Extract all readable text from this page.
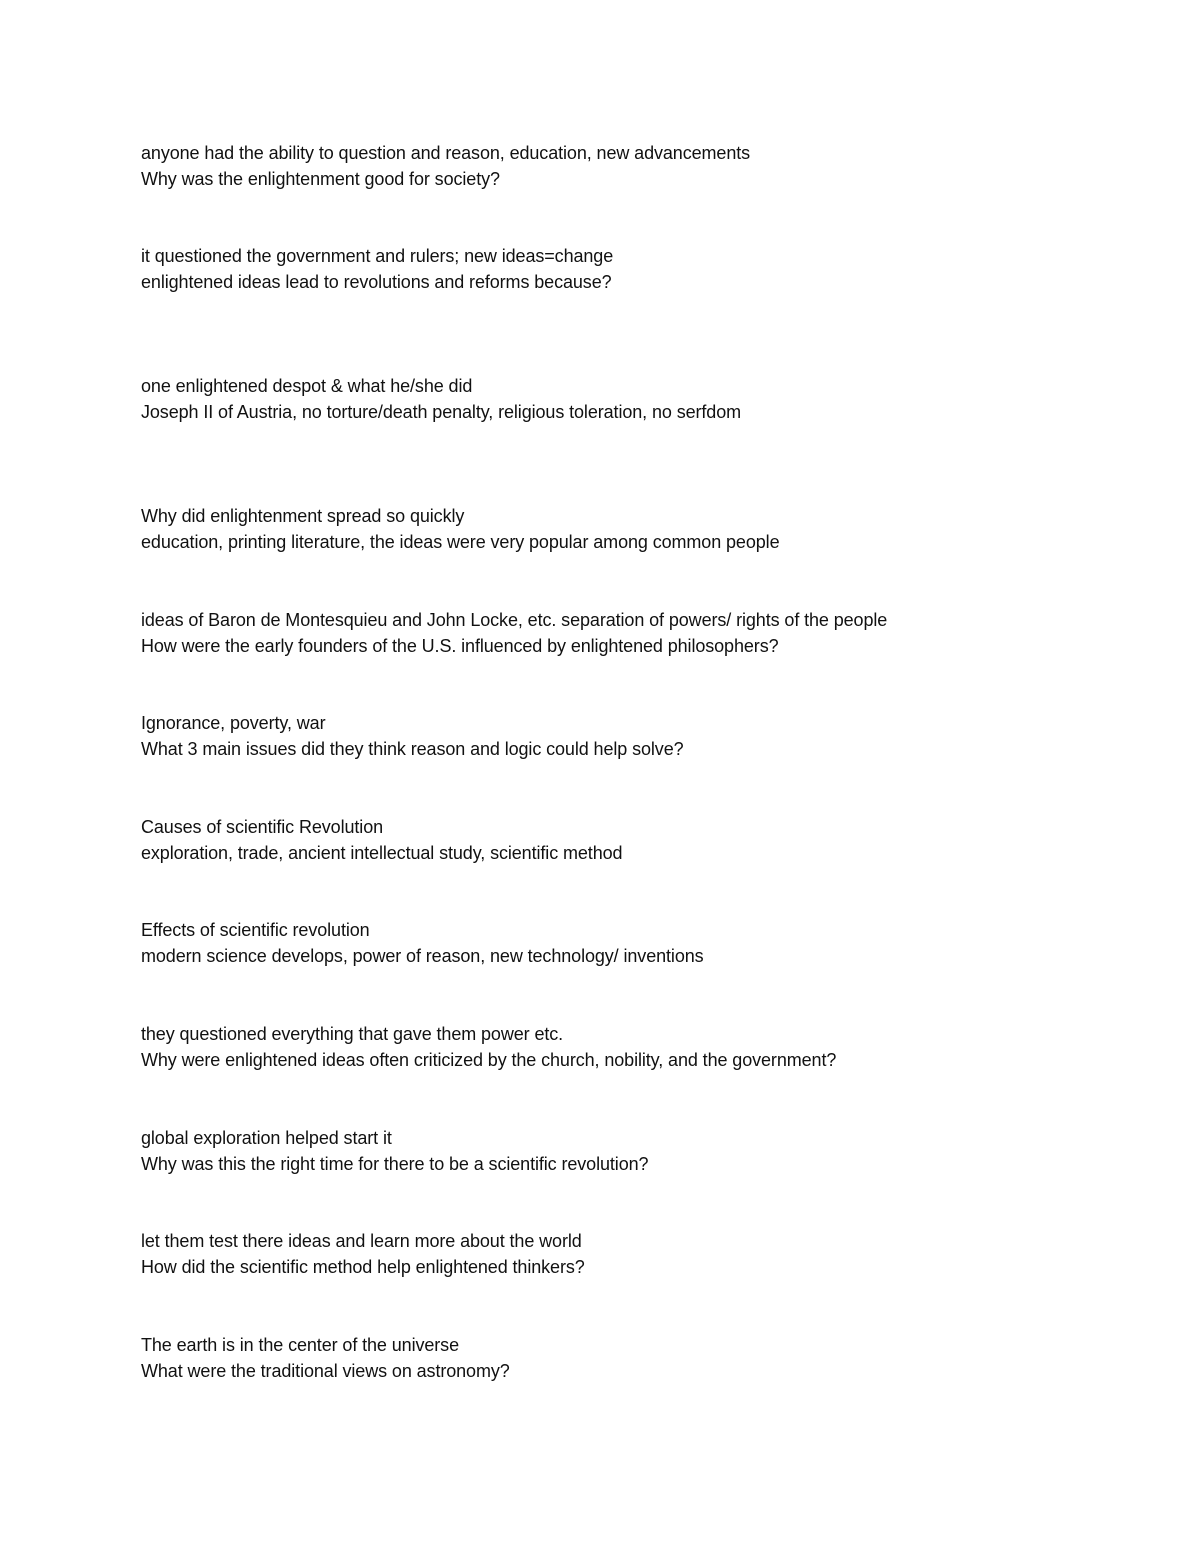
anyone had the ability to question and reason, education, new advancements
Why was the enlightenment good for society?
it questioned the government and rulers; new ideas=change
enlightened ideas lead to revolutions and reforms because?
one enlightened despot & what he/she did
Joseph II of Austria, no torture/death penalty, religious toleration, no serfdom
Why did enlightenment spread so quickly
education, printing literature, the ideas were very popular among common people
ideas of Baron de Montesquieu and John Locke, etc. separation of powers/ rights of the people
How were the early founders of the U.S. influenced by enlightened philosophers?
Ignorance, poverty, war
What 3 main issues did they think reason and logic could help solve?
Causes of scientific Revolution
exploration, trade, ancient intellectual study, scientific method
Effects of scientific revolution
modern science develops, power of reason, new technology/ inventions
they questioned everything that gave them power etc.
Why were enlightened ideas often criticized by the church, nobility, and the government?
global exploration helped start it
Why was this the right time for there to be a scientific revolution?
let them test there ideas and learn more about the world
How did the scientific method help enlightened thinkers?
The earth is in the center of the universe
What were the traditional views on astronomy?
